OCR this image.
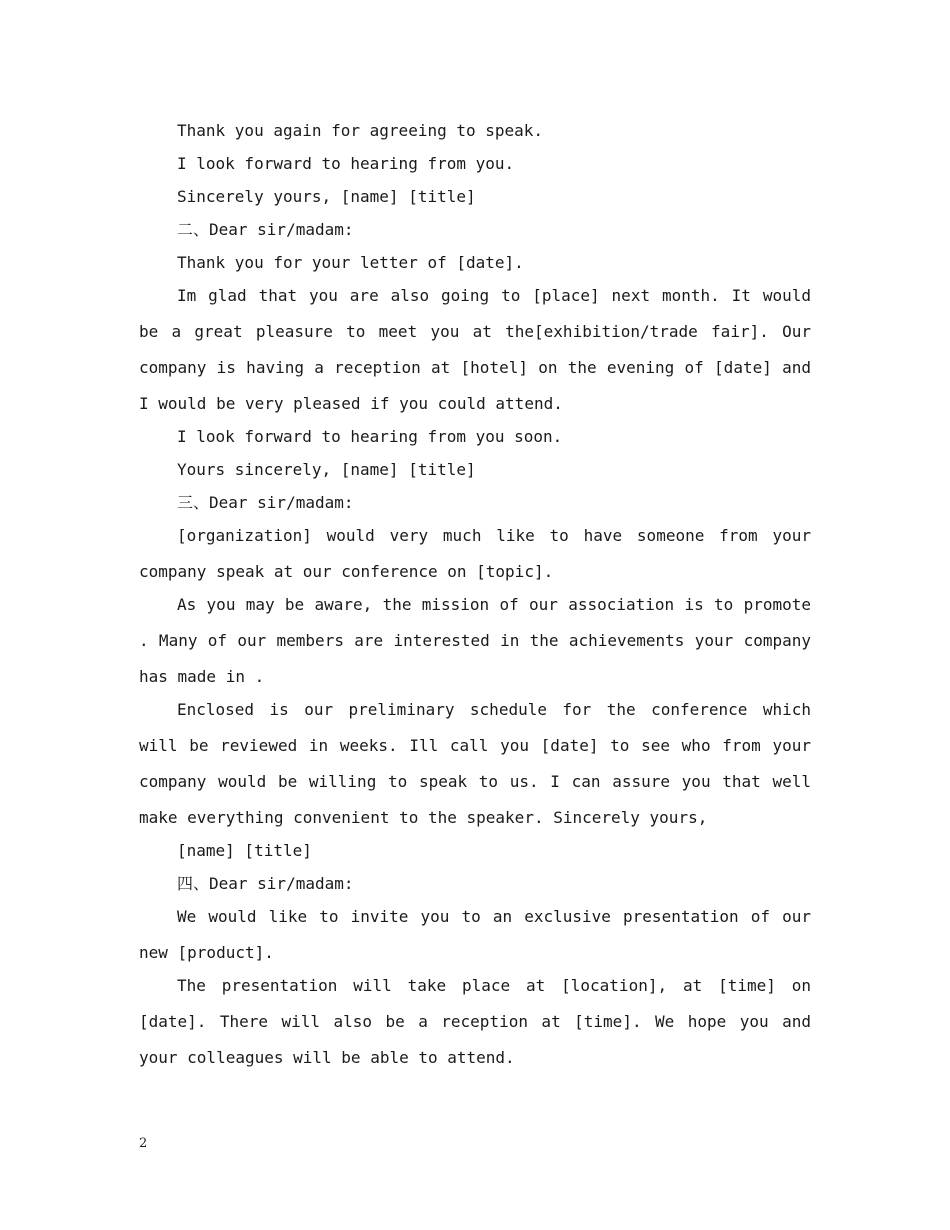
Thank you again for agreeing to speak.

I look forward to hearing from you.

Sincerely yours, [name] [title]

二、Dear sir/madam:

Thank you for your letter of [date].

Im glad that you are also going to [place] next month. It would be a great pleasure to meet you at the[exhibition/trade fair]. Our company is having a reception at [hotel] on the evening of [date] and I would be very pleased if you could attend.

I look forward to hearing from you soon.

Yours sincerely, [name] [title]

三、Dear sir/madam:

[organization] would very much like to have someone from your company speak at our conference on [topic].

As you may be aware, the mission of our association is to promote . Many of our members are interested in the achievements your company has made in .

Enclosed is our preliminary schedule for the conference which will be reviewed in weeks. Ill call you [date] to see who from your company would be willing to speak to us. I can assure you that well make everything convenient to the speaker. Sincerely yours,

[name] [title]

四、Dear sir/madam:

We would like to invite you to an exclusive presentation of our new [product].

The presentation will take place at [location], at [time] on [date]. There will also be a reception at [time]. We hope you and your colleagues will be able to attend.

2
